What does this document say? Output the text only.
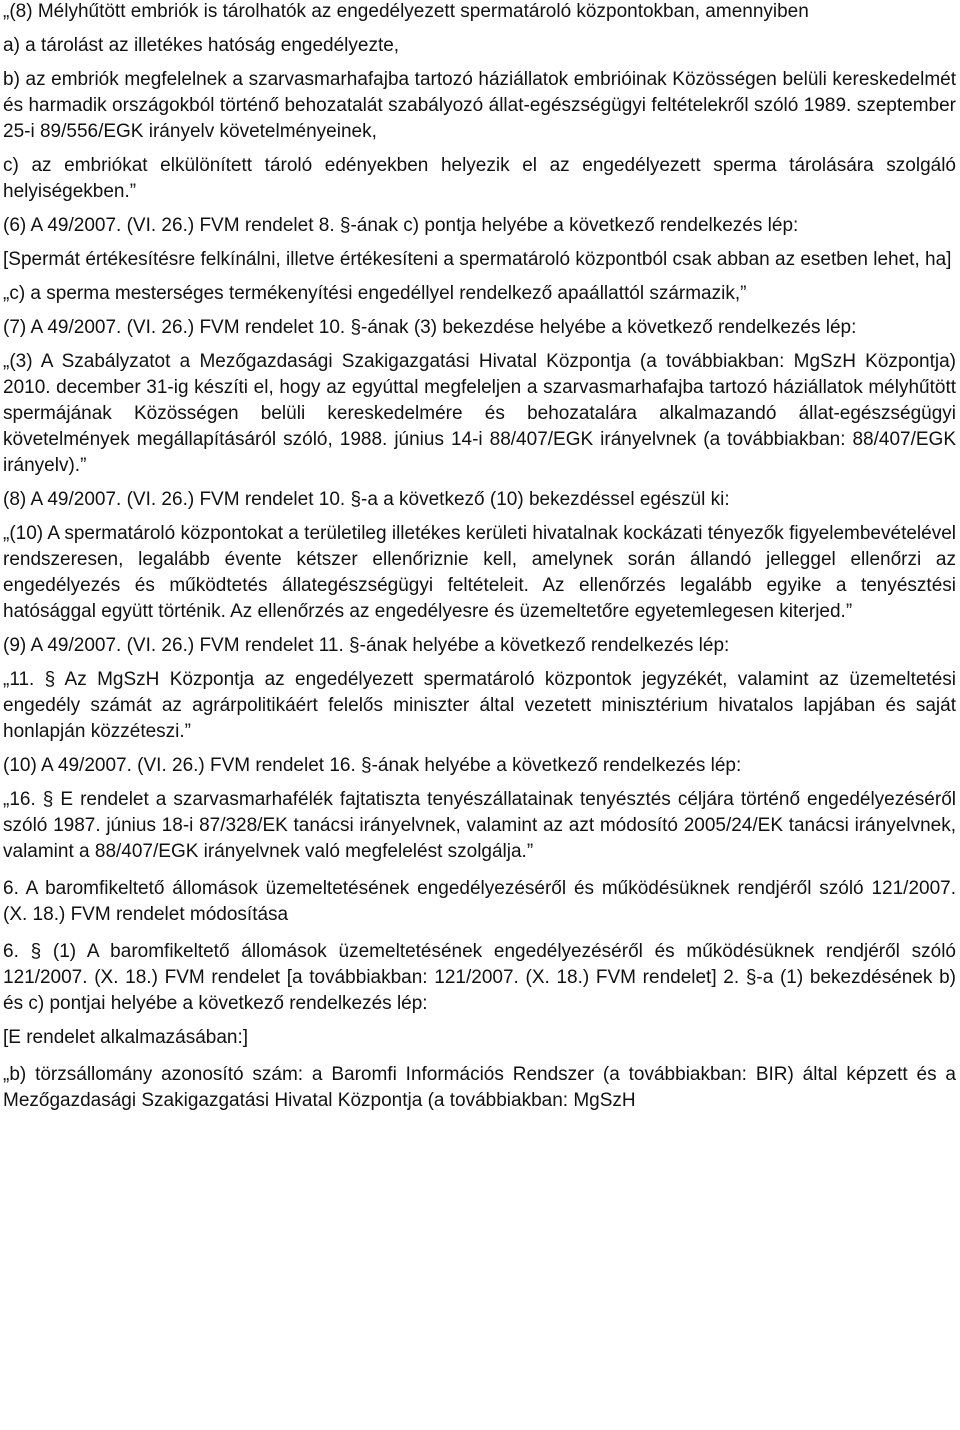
„(8) Mélyhűtött embriók is tárolhatók az engedélyezett spermatároló központokban, amennyiben

a) a tárolást az illetékes hatóság engedélyezte,

b) az embriók megfelelnek a szarvasmarhafajba tartozó háziállatok embrióinak Közösségen belüli kereskedelmét és harmadik országokból történő behozatalát szabályozó állat-egészségügyi feltételekről szóló 1989. szeptember 25-i 89/556/EGK irányelv követelményeinek,

c) az embriókat elkülönített tároló edényekben helyezik el az engedélyezett sperma tárolására szolgáló helyiségekben.”

(6) A 49/2007. (VI. 26.) FVM rendelet 8. §-ának c) pontja helyébe a következő rendelkezés lép:

[Spermát értékesítésre felkínálni, illetve értékesíteni a spermatároló központból csak abban az esetben lehet, ha]

„c) a sperma mesterséges termékenyítési engedéllyel rendelkező apaállattól származik,”

(7) A 49/2007. (VI. 26.) FVM rendelet 10. §-ának (3) bekezdése helyébe a következő rendelkezés lép:

„(3) A Szabályzatot a Mezőgazdasági Szakigazgatási Hivatal Központja (a továbbiakban: MgSzH Központja) 2010. december 31-ig készíti el, hogy az egyúttal megfeleljen a szarvasmarhafajba tartozó háziállatok mélyhűtött spermájának Közösségen belüli kereskedelmére és behozatalára alkalmazandó állat-egészségügyi követelmények megállapításáról szóló, 1988. június 14-i 88/407/EGK irányelvnek (a továbbiakban: 88/407/EGK irányelv).”

(8) A 49/2007. (VI. 26.) FVM rendelet 10. §-a a következő (10) bekezdéssel egészül ki:

„(10) A spermatároló központokat a területileg illetékes kerületi hivatalnak kockázati tényezők figyelembevételével rendszeresen, legalább évente kétszer ellenőriznie kell, amelynek során állandó jelleggel ellenőrzi az engedélyezés és működtetés állategészségügyi feltételeit. Az ellenőrzés legalább egyike a tenyésztési hatósággal együtt történik. Az ellenőrzés az engedélyesre és üzemeltetőre egyetemlegesen kiterjed.”

(9) A 49/2007. (VI. 26.) FVM rendelet 11. §-ának helyébe a következő rendelkezés lép:

„11. § Az MgSzH Központja az engedélyezett spermatároló központok jegyzékét, valamint az üzemeltetési engedély számát az agrárpolitikáért felelős miniszter által vezetett minisztérium hivatalos lapjában és saját honlapján közzéteszi.”

(10) A 49/2007. (VI. 26.) FVM rendelet 16. §-ának helyébe a következő rendelkezés lép:

„16. § E rendelet a szarvasmarhafélék fajtatiszta tenyészállatainak tenyésztés céljára történő engedélyezéséről szóló 1987. június 18-i 87/328/EK tanácsi irányelvnek, valamint az azt módosító 2005/24/EK tanácsi irányelvnek, valamint a 88/407/EGK irányelvnek való megfelelést szolgálja.”

6. A baromfikeltető állomások üzemeltetésének engedélyezéséről és működésüknek rendjéről szóló 121/2007. (X. 18.) FVM rendelet módosítása

6. § (1) A baromfikeltető állomások üzemeltetésének engedélyezéséről és működésüknek rendjéről szóló 121/2007. (X. 18.) FVM rendelet [a továbbiakban: 121/2007. (X. 18.) FVM rendelet] 2. §-a (1) bekezdésének b) és c) pontjai helyébe a következő rendelkezés lép:

[E rendelet alkalmazásában:]

„b) törzsállomány azonosító szám: a Baromfi Információs Rendszer (a továbbiakban: BIR) által képzett és a Mezőgazdasági Szakigazgatási Hivatal Központja (a továbbiakban: MgSzH
